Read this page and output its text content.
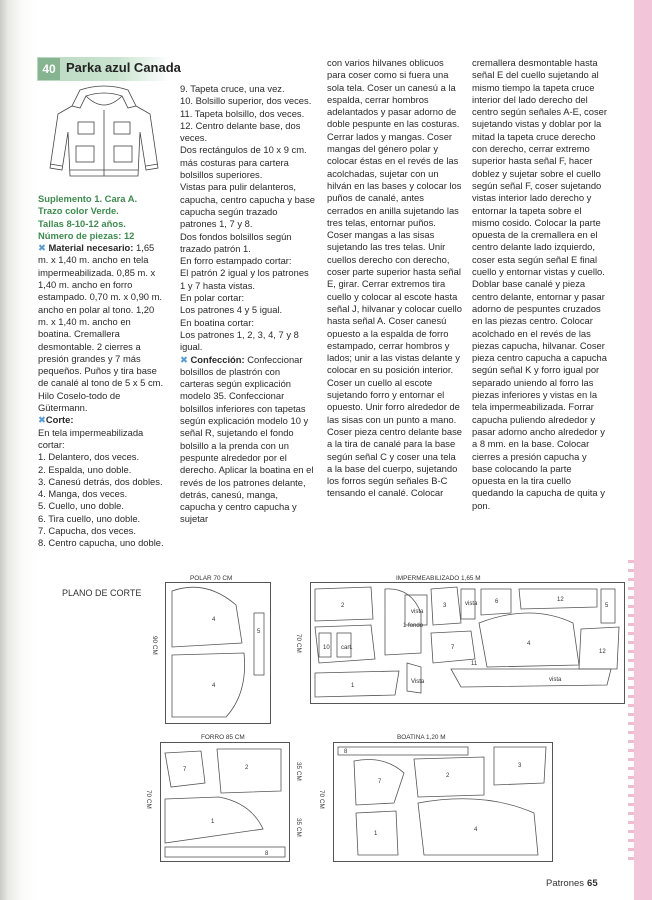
40 Parka azul Canada

Suplemento 1. Cara A.

Trazo color Verde.

Tallas 8-10-12 años.

Número de piezas: 12

✖ Material necesario: 1,65 m. x 1,40 m. ancho en tela impermeabilizada. 0,85 m. x 1,40 m. ancho en forro estampado. 0,70 m. x 0,90 m. ancho en polar al tono. 1,20 m. x 1,40 m. ancho en boatina. Cremallera desmontable. 2 cierres a presión grandes y 7 más pequeños. Puños y tira base de canalé al tono de 5 x 5 cm. Hilo Coselo-todo de Gütermann.

✖Corte:

En tela impermeabilizada cortar:

1. Delantero, dos veces.

2. Espalda, uno doble.

3. Canesú detrás, dos dobles.

4. Manga, dos veces.

5. Cuello, uno doble.

6. Tira cuello, uno doble.

7. Capucha, dos veces.

8. Centro capucha, uno doble.

9. Tapeta cruce, una vez.

10. Bolsillo superior, dos veces.

11. Tapeta bolsillo, dos veces.

12. Centro delante base, dos veces.

Dos rectángulos de 10 x 9 cm. más costuras para cartera bolsillos superiores.

Vistas para pulir delanteros, capucha, centro capucha y base capucha según trazado patrones 1, 7 y 8.

Dos fondos bolsillos según trazado patrón 1.

En forro estampado cortar:

El patrón 2 igual y los patrones 1 y 7 hasta vistas.

En polar cortar:

Los patrones 4 y 5 igual.

En boatina cortar:

Los patrones 1, 2, 3, 4, 7 y 8 igual.

✖ Confección: Confeccionar bolsillos de plastrón con carteras según explicación modelo 35. Confeccionar bolsillos inferiores con tapetas según explicación modelo 10 y señal R, sujetando el fondo bolsillo a la prenda con un pespunte alrededor por el derecho. Aplicar la boatina en el revés de los patrones delante, detrás, canesú, manga, capucha y centro capucha y sujetar

con varios hilvanes oblicuos para coser como si fuera una sola tela. Coser un canesú a la espalda, cerrar hombros adelantados y pasar adorno de doble pespunte en las costuras. Cerrar lados y mangas. Coser mangas del género polar y colocar éstas en el revés de las acolchadas, sujetar con un hilván en las bases y colocar los puños de canalé, antes cerrados en anilla sujetando las tres telas, entornar puños. Coser mangas a las sisas sujetando las tres telas. Unir cuellos derecho con derecho, coser parte superior hasta señal E, girar. Cerrar extremos tira cuello y colocar al escote hasta señal J, hilvanar y colocar cuello hasta señal A. Coser canesú opuesto a la espalda de forro estampado, cerrar hombros y lados; unir a las vistas delante y colocar en su posición interior. Coser un cuello al escote sujetando forro y entornar el opuesto. Unir forro alrededor de las sisas con un punto a mano. Coser pieza centro delante base a la tira de canalé para la base según señal C y coser una tela a la base del cuerpo, sujetando los forros según señales B-C tensando el canalé. Colocar

cremallera desmontable hasta señal E del cuello sujetando al mismo tiempo la tapeta cruce interior del lado derecho del centro según señales A-E, coser sujetando vistas y doblar por la mitad la tapeta cruce derecho con derecho, cerrar extremo superior hasta señal F, hacer doblez y sujetar sobre el cuello según señal F, coser sujetando vistas interior lado derecho y entornar la tapeta sobre el mismo cosido. Colocar la parte opuesta de la cremallera en el centro delante lado izquierdo, coser esta según señal E final cuello y entornar vistas y cuello. Doblar base canalé y pieza centro delante, entornar y pasar adorno de pespuntes cruzados en las piezas centro. Colocar acolchado en el revés de las piezas capucha, hilvanar. Coser pieza centro capucha a capucha según señal K y forro igual por separado uniendo al forro las piezas inferiores y vistas en la tela impermeabilizada. Forrar capucha puliendo alrededor y pasar adorno ancho alrededor y a 8 mm. en la base. Colocar cierres a presión capucha y base colocando la parte opuesta en la tira cuello quedando la capucha de quita y pon.

PLANO DE CORTE
POLAR 70 CM
4
4
5
90 CM
IMPERMEABILIZADO 1,65 M
2
10 cart.
1
1 fondo
vista
3	vista
7
6
4
12
5
12
vista
11
Vista
70 CM
FORRO 85 CM
7	2
1
8
70 CM
35 CM
35 CM
BOATINA 1,20 M
8
7
2
3
1
4
70 CM
Patrones 65
